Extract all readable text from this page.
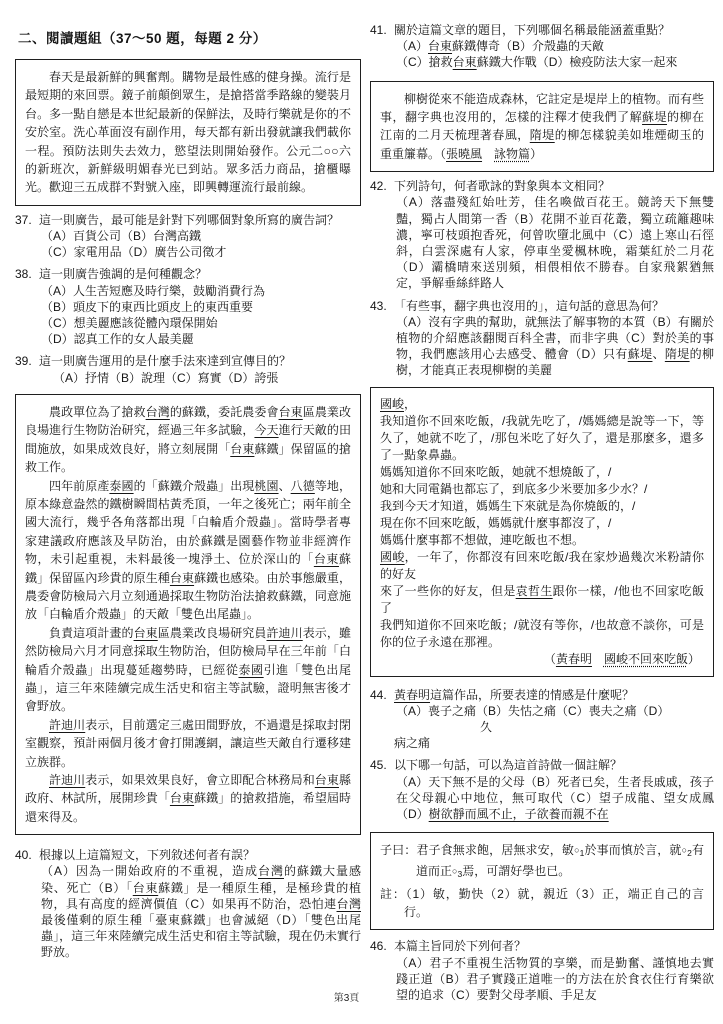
二、閱讀題組（37～50 題，每題 2 分）

春天是最新鮮的興奮劑。購物是最性感的健身操。流行是最短期的來回票。鏡子前顛倒眾生，是搶搭當季路線的變裝月台。多一點自戀是本世紀最新的保鮮法，及時行樂就是你的不安於室。洗心革面沒有副作用，每天都有新出發就讓我們載你一程。預防法則失去效力，慾望法則開始發作。公元二○○六的新班次，新鮮級明媚春光已到站。眾多活力商品，搶櫃曝光。歡迎三五成群不對號入座，即興轉運流行最前線。

37. 這一則廣告，最可能是針對下列哪個對象所寫的廣告詞？
（A）百貨公司（B）台灣高鐵
（C）家電用品（D）廣告公司徵才
38. 這一則廣告強調的是何種觀念？
（A）人生苦短應及時行樂，鼓勵消費行為
（B）頭皮下的東西比頭皮上的東西重要
（C）想美麗應該從體內環保開始
（D）認真工作的女人最美麗
39. 這一則廣告運用的是什麼手法來達到宣傳目的？
（A）抒情（B）說理（C）寫實（D）誇張

農政單位為了搶救台灣的蘇鐵，委託農委會台東區農業改良場進行生物防治研究，經過三年多試驗，今天進行天敵的田間施放，如果成效良好，將立刻展開「台東蘇鐵」保留區的搶救工作。

四年前原產泰國的「蘇鐵介殼蟲」出現桃園、八德等地，原本綠意盎然的鐵樹瞬間枯黃禿頂，一年之後死亡；兩年前全國大流行，幾乎各角落都出現「白輪盾介殼蟲」。當時學者專家建議政府應該及早防治，由於蘇鐵是園藝作物並非經濟作物，未引起重視，未料最後一塊淨土、位於深山的「台東蘇鐵」保留區內珍貴的原生種台東蘇鐵也感染。由於事態嚴重，農委會防檢局六月立刻通過採取生物防治法搶救蘇鐵，同意施放「白輪盾介殼蟲」的天敵「雙色出尾蟲」。

負責這項計畫的台東區農業改良場研究員許迪川表示，雖然防檢局六月才同意採取生物防治，但防檢局早在三年前「白輪盾介殼蟲」出現蔓延趨勢時，已經從泰國引進「雙色出尾蟲」，這三年來陸續完成生活史和宿主等試驗，證明無害後才會野放。

許迪川表示，目前選定三處田間野放，不過還是採取封閉室觀察，預計兩個月後才會打開護網，讓這些天敵自行遷移建立族群。

許迪川表示，如果效果良好，會立即配合林務局和台東縣政府、林試所，展開珍貴「台東蘇鐵」的搶救措施，希望屆時還來得及。

40. 根據以上這篇短文，下列敘述何者有誤？
（A）因為一開始政府的不重視，造成台灣的蘇鐵大量感染、死亡（B）「台東蘇鐵」是一種原生種，是極珍貴的植物，具有高度的經濟價值（C）如果再不防治，恐怕連台灣最後僅剩的原生種「臺東蘇鐵」也會滅絕（D）「雙色出尾蟲」，這三年來陸續完成生活史和宿主等試驗，現在仍未實行野放。
41. 關於這篇文章的題目，下列哪個名稱最能涵蓋重點？
（A）台東蘇鐵傳奇（B）介殼蟲的天敵
（C）搶救台東蘇鐵大作戰（D）檢疫防法大家一起來

柳樹從來不能造成森林，它註定是堤岸上的植物。而有些事，翻字典也沒用的，怎樣的注釋才使我們了解蘇堤的柳在江南的二月天梳理著春風，隋堤的柳怎樣貌美如堆煙砌玉的重重簾幕。（張曉風　 詠物篇）

42. 下列詩句，何者歌詠的對象與本文相同？
（A）落盡殘紅始吐芳，佳名喚做百花王。競誇天下無雙豔，獨占人間第一香（B）花開不並百花叢，獨立疏籬趣味濃，寧可枝頭抱香死，何曾吹墮北風中（C）遠上寒山石徑斜，白雲深處有人家，停車坐愛楓林晚，霜葉紅於二月花（D）灞橋晴來送別頻，相偎相依不勝春。自家飛絮猶無定，爭解垂絲絆路人
43. 「有些事，翻字典也沒用的」，這句話的意思為何？
（A）沒有字典的幫助，就無法了解事物的本質（B）有關於植物的介紹應該翻閱百科全書，而非字典（C）對於美的事物，我們應該用心去感受、體會（D）只有蘇堤、隋堤的柳樹，才能真正表現柳樹的美麗

國峻，

我知道你不回來吃飯，/我就先吃了，/媽媽總是說等一下，等久了，她就不吃了，/那包米吃了好久了，還是那麼多，還多了一點象鼻蟲。

媽媽知道你不回來吃飯，她就不想燒飯了，/

她和大同電鍋也都忘了，到底多少米要加多少水？/

我到今天才知道，媽媽生下來就是為你燒飯的，/

現在你不回來吃飯，媽媽就什麼事都沒了，/

媽媽什麼事都不想做，連吃飯也不想。

國峻，一年了，你都沒有回來吃飯/我在家炒過幾次米粉請你的好友

來了一些你的好友，但是袁哲生跟你一樣，/他也不回家吃飯了

我們知道你不回來吃飯；/就沒有等你，/也故意不談你，可是你的位子永遠在那裡。

（黃春明　 國峻不回來吃飯）

44. 黃春明這篇作品，所要表達的情感是什麼呢？
（A）喪子之痛（B）失怙之痛（C）喪夫之痛（D）
久
病之痛
45. 以下哪一句話，可以為這首詩做一個註解？
（A）天下無不是的父母（B）死者已矣，生者長戚戚，孩子在父母親心中地位，無可取代（C）望子成龍、望女成鳳（D）樹欲靜而風不止，子欲養而親不在

子曰：君子食無求飽，居無求安，敏○1於事而慎於言，就○2有道而正○3焉，可謂好學也已。

註：（1）敏，勤快（2）就，親近（3）正，端正自己的言行。

46. 本篇主旨同於下列何者？
（A）君子不重視生活物質的享樂，而是勤奮、謹慎地去實踐正道（B）君子實踐正道唯一的方法在於食衣住行育樂欲望的追求（C）要對父母孝順、手足友
第3頁
